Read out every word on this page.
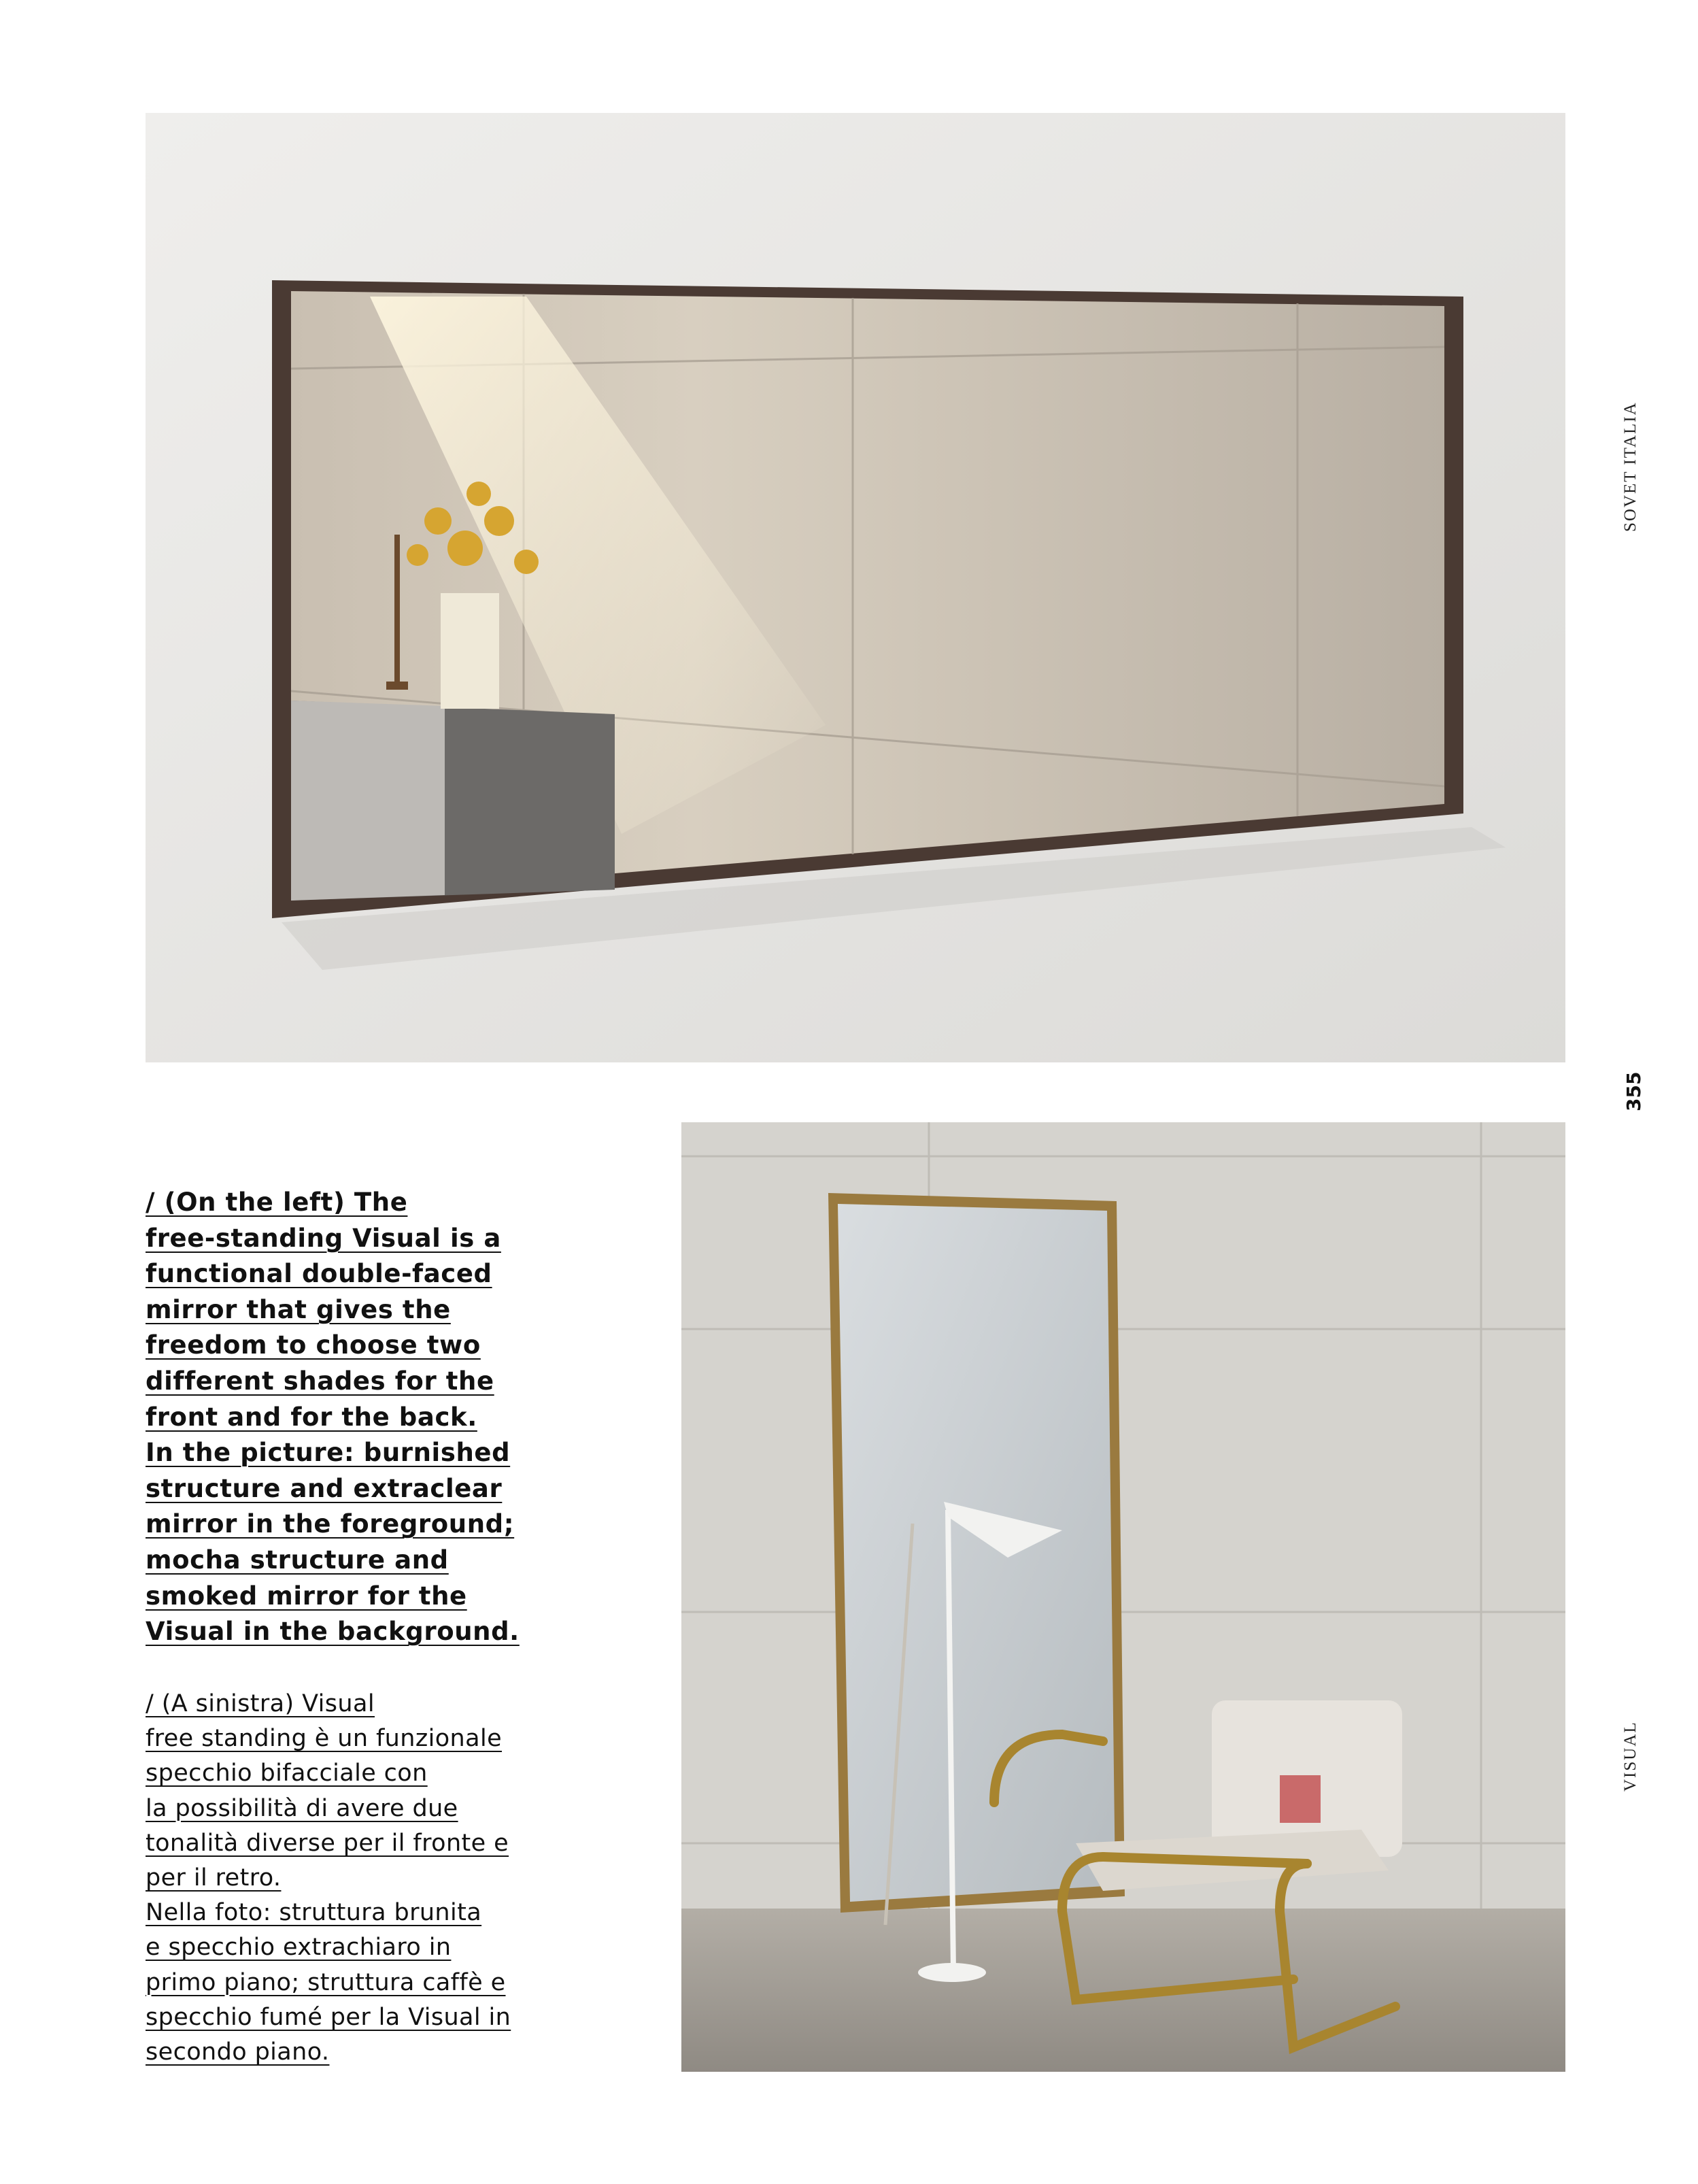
SOVET ITALIA
355
VISUAL
/ (On the left) The
free-standing Visual is a
functional double-faced
mirror that gives the
freedom to choose two
different shades for the
front and for the back.
In the picture: burnished
structure and extraclear
mirror in the foreground;
mocha structure and
smoked mirror for the
Visual in the background.
/ (A sinistra) Visual
free standing è un funzionale
specchio bifacciale con
la possibilità di avere due
tonalità diverse per il fronte e
per il retro.
Nella foto: struttura brunita
e specchio extrachiaro in
primo piano; struttura caffè e
specchio fumé per la Visual in
secondo piano.
